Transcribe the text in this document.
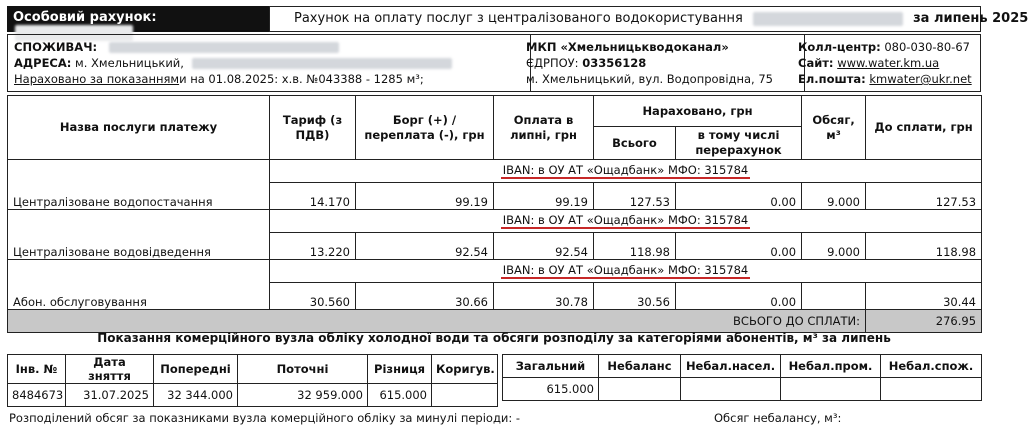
Особовий рахунок:	Рахунок на оплату послуг з централізованого водокористування	за липень 2025
СПОЖИВАЧ:
АДРЕСА: м. Хмельницький,
Нараховано за показаннями на 01.08.2025: х.в. №043388 - 1285 м³;
МКП «Хмельницькводоканал»
ЄДРПОУ: 03356128
м. Хмельницький, вул. Водопровідна, 75
Колл-центр: 080-030-80-67
Сайт: www.water.km.ua
Ел.пошта: kmwater@ukr.net
Назва послуги платежу	Тариф (з ПДВ)	Борг (+) / переплата (-), грн	Оплата в липні, грн	Нараховано, грн		Обсяг, м³	До сплати, грн
				Всього	в тому числі перерахунок		
Централізоване водопостачання	IBAN: в ОУ АТ «Ощадбанк» МФО: 315784						
	14.170	99.19	99.19	127.53	0.00	9.000	127.53
Централізоване водовідведення	IBAN: в ОУ АТ «Ощадбанк» МФО: 315784						
	13.220	92.54	92.54	118.98	0.00	9.000	118.98
Абон. обслуговування	IBAN: в ОУ АТ «Ощадбанк» МФО: 315784						
	30.560	30.66	30.78	30.56	0.00		30.44
ВСЬОГО ДО СПЛАТИ:							276.95
Показання комерційного вузла обліку холодної води та обсяги розподілу за категоріями абонентів, м³ за липень
Інв. №	Дата зняття	Попередні	Поточні	Різниця	Коригув.
8484673	31.07.2025	32 344.000	32 959.000	615.000	
Загальний	Небаланс	Небал.насел.	Небал.пром.	Небал.спож.
615.000				
Розподілений обсяг за показниками вузла комерційного обліку за минулі періоди: -	Обсяг небалансу, м³:
